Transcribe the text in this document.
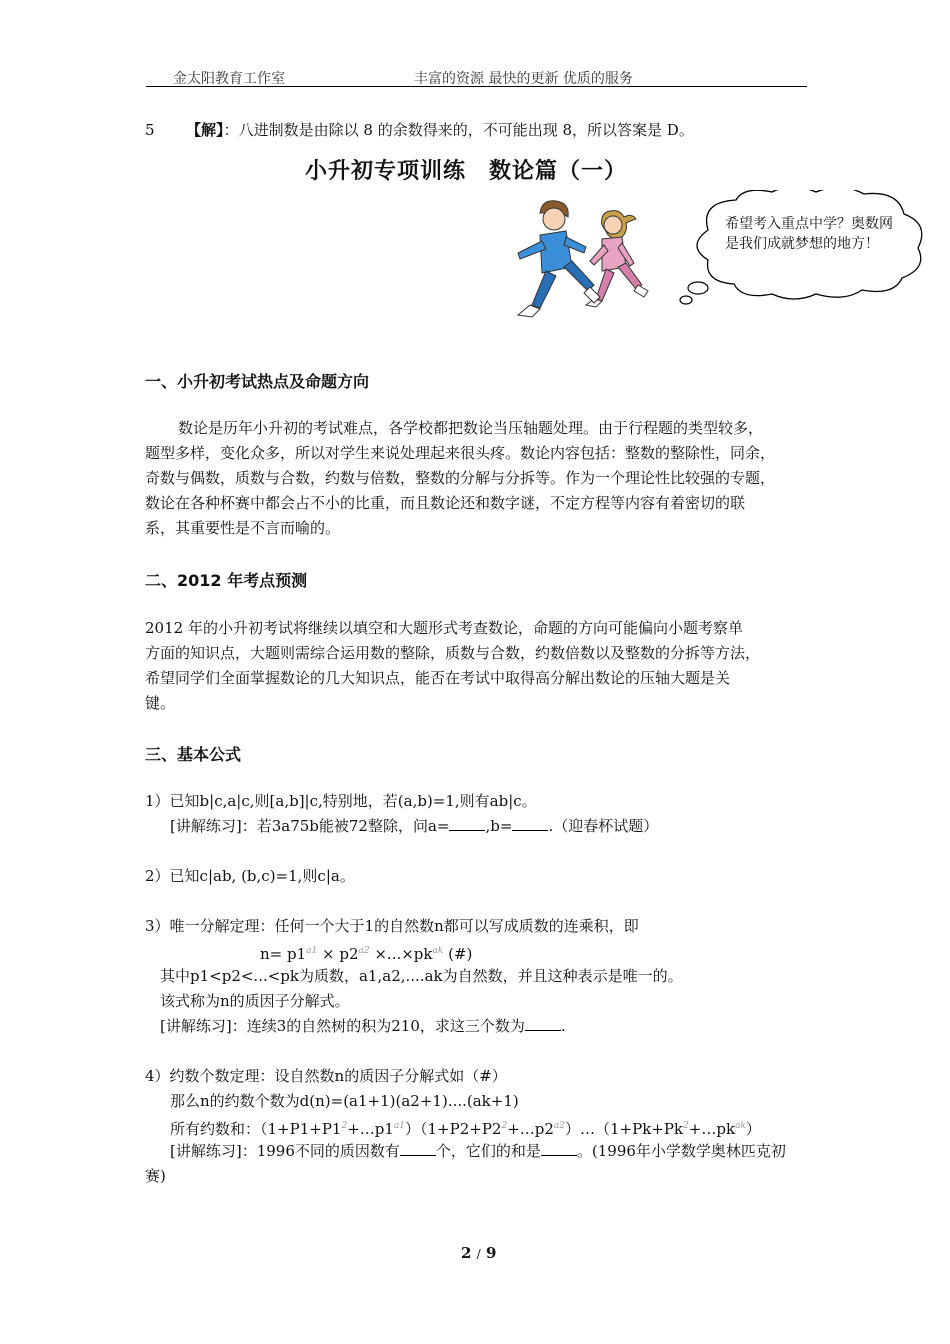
金太阳教育工作室	丰富的资源 最快的更新 优质的服务
5 【解】：八进制数是由除以 8 的余数得来的，不可能出现 8，所以答案是 D。
小升初专项训练　数论篇（一）
希望考入重点中学？奥数网是我们成就梦想的地方！
一、小升初考试热点及命题方向
数论是历年小升初的考试难点，各学校都把数论当压轴题处理。由于行程题的类型较多，
题型多样，变化众多，所以对学生来说处理起来很头疼。数论内容包括：整数的整除性，同余，
奇数与偶数，质数与合数，约数与倍数，整数的分解与分拆等。作为一个理论性比较强的专题，
数论在各种杯赛中都会占不小的比重，而且数论还和数字谜，不定方程等内容有着密切的联
系，其重要性是不言而喻的。
二、2012 年考点预测
2012 年的小升初考试将继续以填空和大题形式考查数论，命题的方向可能偏向小题考察单
方面的知识点，大题则需综合运用数的整除，质数与合数，约数倍数以及整数的分拆等方法，
希望同学们全面掌握数论的几大知识点，能否在考试中取得高分解出数论的压轴大题是关
键。
三、基本公式
1）已知b|c,a|c,则[a,b]|c,特别地，若(a,b)=1,则有ab|c。
[讲解练习]：若3a75b能被72整除，问a= ,b= .（迎春杯试题）
2）已知c|ab, (b,c)=1,则c|a。
3）唯一分解定理：任何一个大于1的自然数n都可以写成质数的连乘积，即
$n= p1^{a1} \times p2^{a2} \times...\times pk^{ak}$ (#)
其中p1<p2<...<pk为质数，a1,a2,....ak为自然数，并且这种表示是唯一的。
该式称为n的质因子分解式。
[讲解练习]：连续3的自然树的积为210，求这三个数为 .
4）约数个数定理：设自然数n的质因子分解式如（#）
那么n的约数个数为d(n)=(a1+1)(a2+1)....(ak+1)
所有约数和：$(1+P1+P1^2+\dots p1^{a1})(1+P2+P2^2+\dots p2^{a2})\dots(1+Pk+Pk^2+\dots pk^{ak})$
[讲解练习]：1996不同的质因数有 个，它们的和是 。(1996年小学数学奥林匹克初
赛)
2 / 9
